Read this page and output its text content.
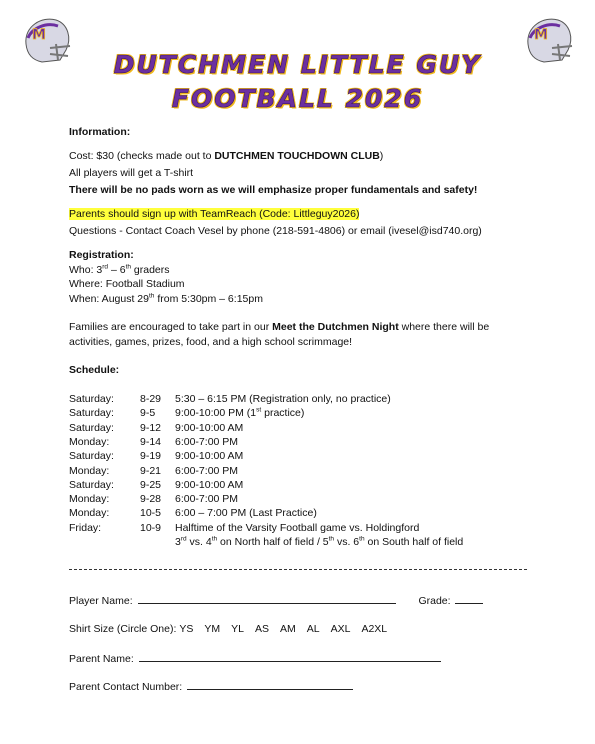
M	M
DUTCHMEN LITTLE GUY
FOOTBALL 2026
Information:
Cost: $30 (checks made out to DUTCHMEN TOUCHDOWN CLUB)
All players will get a T-shirt
There will be no pads worn as we will emphasize proper fundamentals and safety!
Parents should sign up with TeamReach (Code: Littleguy2026)
Questions - Contact Coach Vesel by phone (218-591-4806) or email (ivesel@isd740.org)
Registration:
Who: 3rd – 6th graders
Where: Football Stadium
When: August 29th from 5:30pm – 6:15pm
Families are encouraged to take part in our Meet the Dutchmen Night where there will be
activities, games, prizes, food, and a high school scrimmage!
Schedule:
Saturday: 8-29 5:30 – 6:15 PM (Registration only, no practice)
Saturday: 9-5 9:00-10:00 PM (1st practice)
Saturday: 9-12 9:00-10:00 AM
Monday:	9-14 6:00-7:00 PM
Saturday: 9-19 9:00-10:00 AM
Monday:	9-21 6:00-7:00 PM
Saturday: 9-25 9:00-10:00 AM
Monday:	9-28 6:00-7:00 PM
Monday:	10-5 6:00 – 7:00 PM (Last Practice)
Friday:	10-9 Halftime of the Varsity Football game vs. Holdingford
3rd vs. 4th on North half of field / 5th vs. 6th on South half of field
Player Name:	Grade:
Shirt Size (Circle One): YS YM YL AS AM AL AXL A2XL
Parent Name:
Parent Contact Number:
